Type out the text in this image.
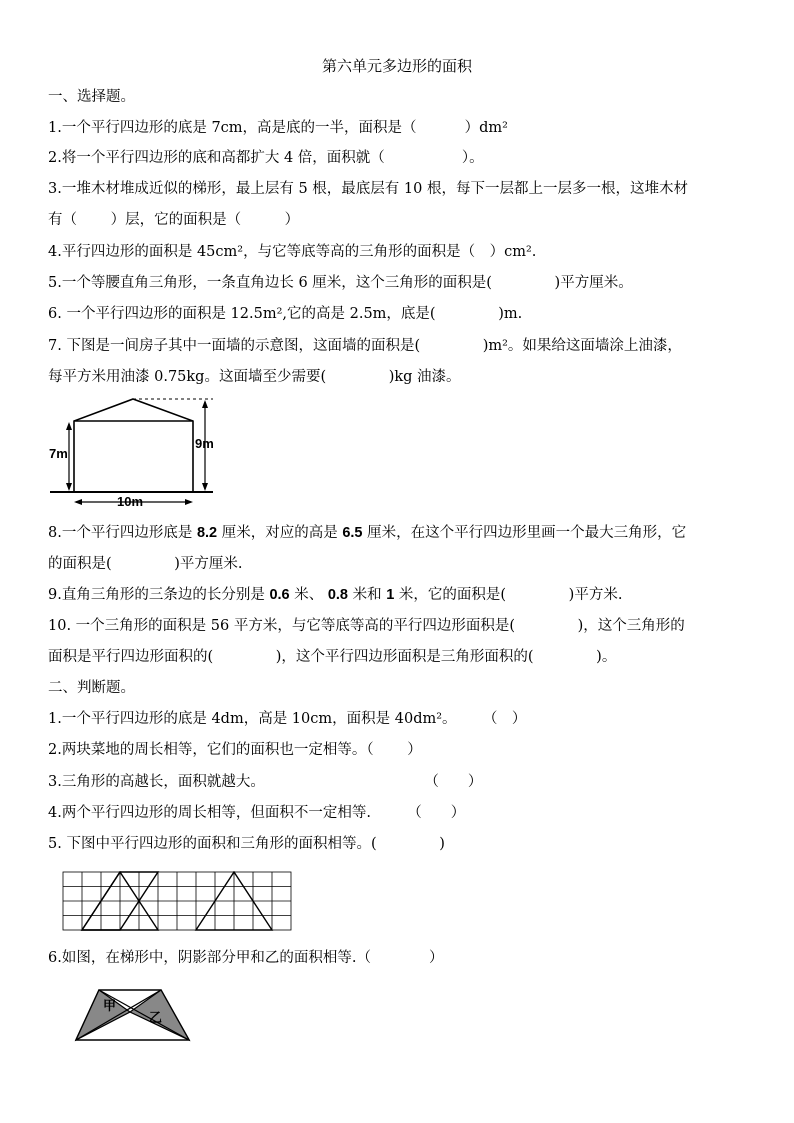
第六单元多边形的面积
一、选择题。
1.一个平行四边形的底是 7cm，高是底的一半，面积是（　　　 ）dm²
2.将一个平行四边形的底和高都扩大 4 倍，面积就（　　　　　 ）。
3.一堆木材堆成近似的梯形，最上层有 5 根，最底层有 10 根，每下一层都上一层多一根，这堆木材
有（　　 ）层，它的面积是（　　　）
4.平行四边形的面积是 45cm²，与它等底等高的三角形的面积是（　）cm².
5.一个等腰直角三角形，一条直角边长 6 厘米，这个三角形的面积是(　　　　 )平方厘米。
6. 一个平行四边形的面积是 12.5m²,它的高是 2.5m，底是(　　　　 )m.
7. 下图是一间房子其中一面墙的示意图，这面墙的面积是(　　　　 )m²。如果给这面墙涂上油漆，
每平方米用油漆 0.75kg。这面墙至少需要(　　　　 )kg 油漆。
7m
9m
10m
8.一个平行四边形底是 8.2 厘米，对应的高是 6.5 厘米，在这个平行四边形里画一个最大三角形，它
的面积是(　　　　 )平方厘米.
9.直角三角形的三条边的长分别是 0.6 米、 0.8 米和 1 米，它的面积是(　　　　 )平方米.
10. 一个三角形的面积是 56 平方米，与它等底等高的平行四边形面积是(　　　　 )，这个三角形的
面积是平行四边形面积的(　　　　 )，这个平行四边形面积是三角形面积的(　　　　 )。
二、判断题。
1.一个平行四边形的底是 4dm，高是 10cm，面积是 40dm²。　　 （　）
2.两块菜地的周长相等，它们的面积也一定相等。（　　 ）
3.三角形的高越长，面积就越大。　　　　　　　　　　　　（　　）
4.两个平行四边形的周长相等，但面积不一定相等.　　　（　　）
5. 下图中平行四边形的面积和三角形的面积相等。(　　　　 )
6.如图，在梯形中，阴影部分甲和乙的面积相等.（　　　　）
甲
乙
